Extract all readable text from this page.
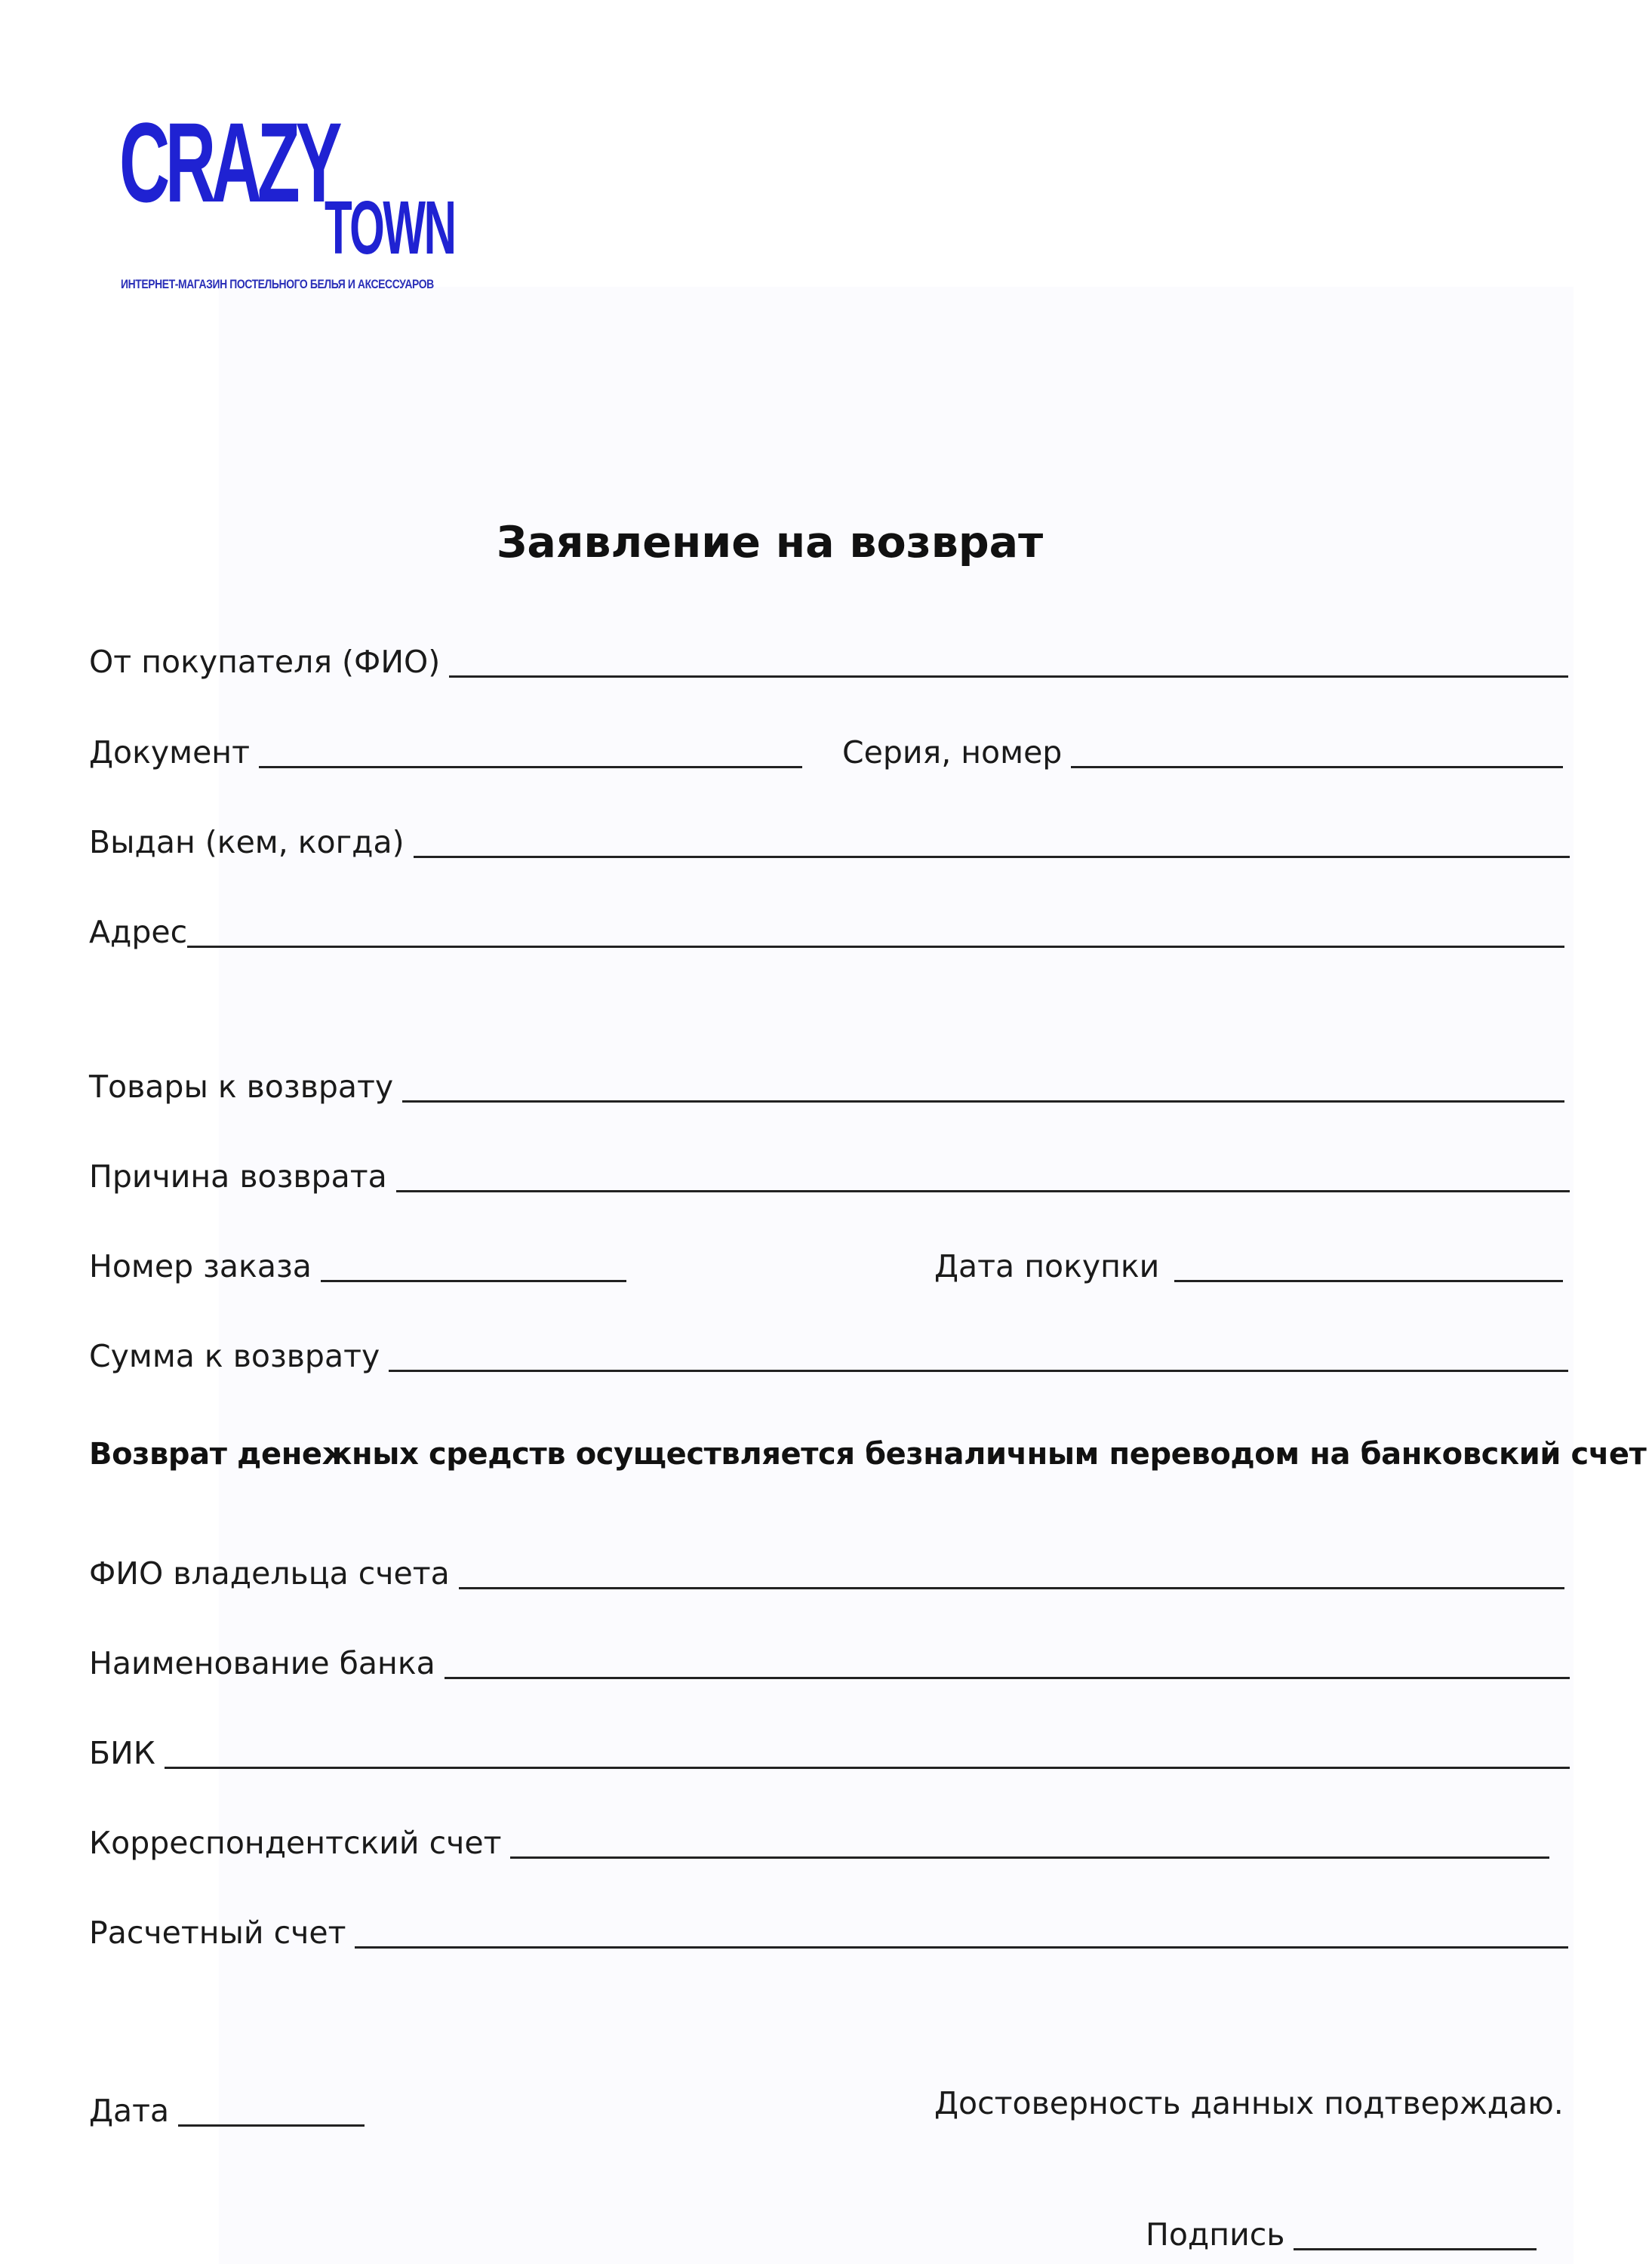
CRAZY
TOWN
ИНТЕРНЕТ-МАГАЗИН ПОСТЕЛЬНОГО БЕЛЬЯ И АКСЕССУАРОВ
Заявление на возврат
От покупателя (ФИО)
Документ	Серия, номер
Выдан (кем, когда)
Адрес
Товары к возврату
Причина возврата
Номер заказа	Дата покупки
Сумма к возврату
Возврат денежных средств осуществляется безналичным переводом на банковский счет
ФИО владельца счета
Наименование банка
БИК
Корреспондентский счет
Расчетный счет
Дата	Достоверность данных подтверждаю.
Подпись
